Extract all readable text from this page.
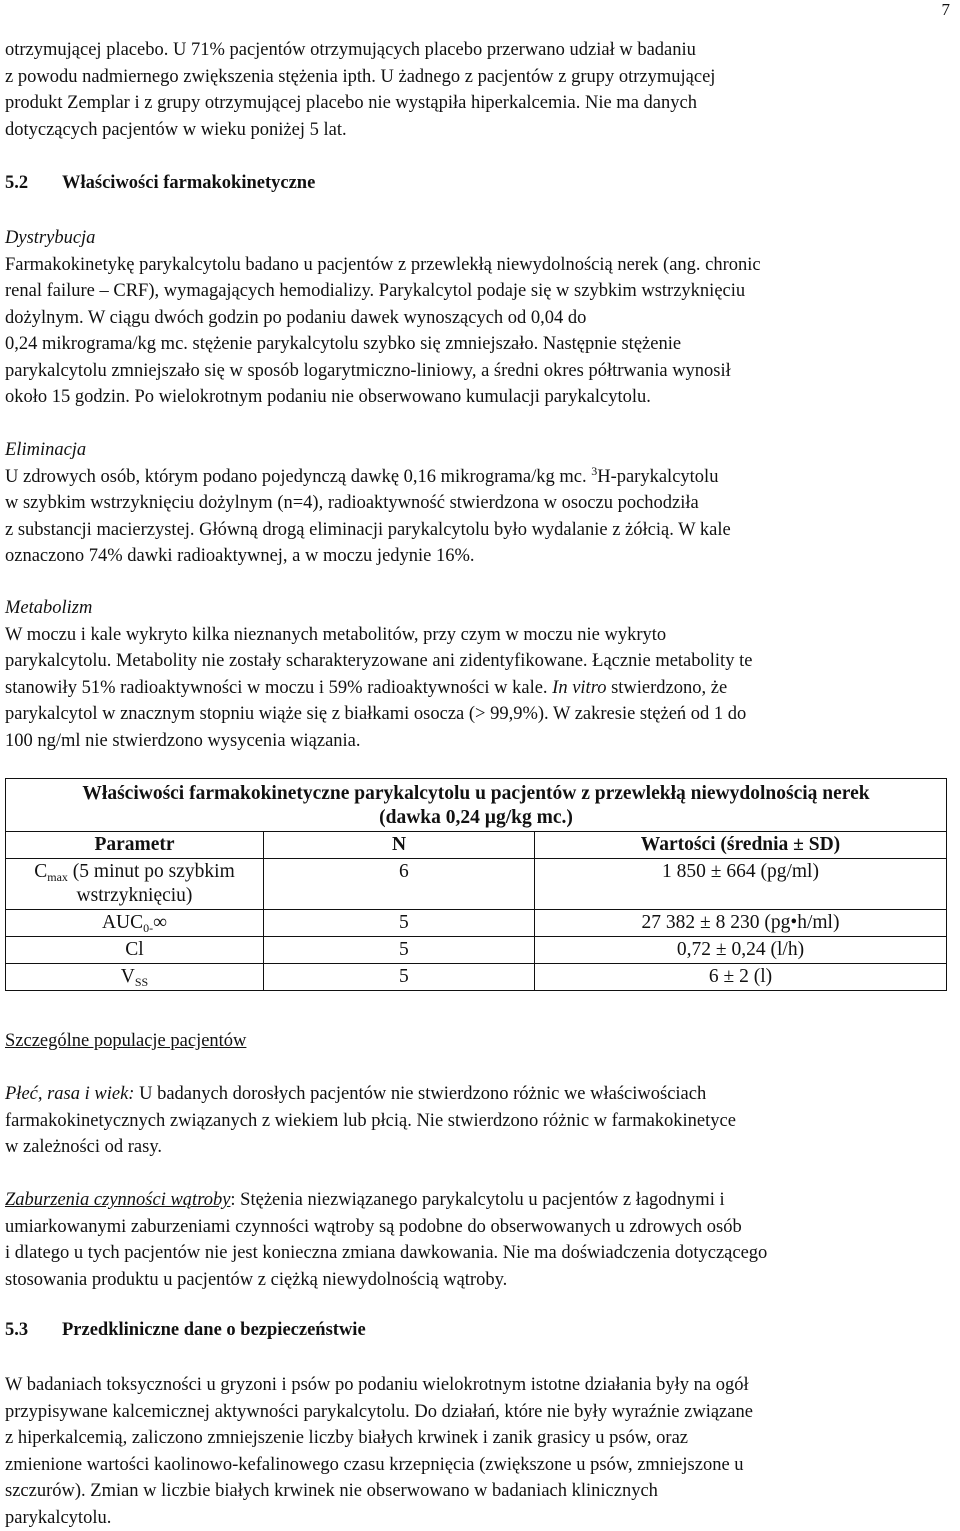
7

otrzymującej placebo. U 71% pacjentów otrzymujących placebo przerwano udział w badaniu

z powodu nadmiernego zwiększenia stężenia ipth. U żadnego z pacjentów z grupy otrzymującej

produkt Zemplar i z grupy otrzymującej placebo nie wystąpiła hiperkalcemia. Nie ma danych

dotyczących pacjentów w wieku poniżej 5 lat.

5.2 Właściwości farmakokinetyczne

Dystrybucja

Farmakokinetykę parykalcytolu badano u pacjentów z przewlekłą niewydolnością nerek (ang. chronic

renal failure – CRF), wymagających hemodializy. Parykalcytol podaje się w szybkim wstrzyknięciu

dożylnym. W ciągu dwóch godzin po podaniu dawek wynoszących od 0,04 do

0,24 mikrograma/kg mc. stężenie parykalcytolu szybko się zmniejszało. Następnie stężenie

parykalcytolu zmniejszało się w sposób logarytmiczno-liniowy, a średni okres półtrwania wynosił

około 15 godzin. Po wielokrotnym podaniu nie obserwowano kumulacji parykalcytolu.

Eliminacja

U zdrowych osób, którym podano pojedynczą dawkę 0,16 mikrograma/kg mc. $^3$H-parykalcytolu

w szybkim wstrzyknięciu dożylnym (n=4), radioaktywność stwierdzona w osoczu pochodziła

z substancji macierzystej. Główną drogą eliminacji parykalcytolu było wydalanie z żółcią. W kale

oznaczono 74% dawki radioaktywnej, a w moczu jedynie 16%.

Metabolizm

W moczu i kale wykryto kilka nieznanych metabolitów, przy czym w moczu nie wykryto

parykalcytolu. Metabolity nie zostały scharakteryzowane ani zidentyfikowane. Łącznie metabolity te

stanowiły 51% radioaktywności w moczu i 59% radioaktywności w kale. In vitro stwierdzono, że

parykalcytol w znacznym stopniu wiąże się z białkami osocza (> 99,9%). W zakresie stężeń od 1 do

100 ng/ml nie stwierdzono wysycenia wiązania.

Właściwości farmakokinetyczne parykalcytolu u pacjentów z przewlekłą niewydolnością nerek
(dawka 0,24 µg/kg mc.)		

Parametr	N	Wartości (średnia ± SD)
$C_{max}$ (5 minut po szybkim
wstrzyknięciu)	6	1 850 ± 664 (pg/ml)
$AUC_{0-}\infty$	5	27 382 ± 8 230 (pg•h/ml)
Cl	5	0,72 ± 0,24 (l/h)
$V_{SS}$	5	6 ± 2 (l)
Szczególne populacje pacjentów

Płeć, rasa i wiek: U badanych dorosłych pacjentów nie stwierdzono różnic we właściwościach

farmakokinetycznych związanych z wiekiem lub płcią. Nie stwierdzono różnic w farmakokinetyce

w zależności od rasy.

Zaburzenia czynności wątroby: Stężenia niezwiązanego parykalcytolu u pacjentów z łagodnymi i

umiarkowanymi zaburzeniami czynności wątroby są podobne do obserwowanych u zdrowych osób

i dlatego u tych pacjentów nie jest konieczna zmiana dawkowania. Nie ma doświadczenia dotyczącego

stosowania produktu u pacjentów z ciężką niewydolnością wątroby.

5.3 Przedkliniczne dane o bezpieczeństwie

W badaniach toksyczności u gryzoni i psów po podaniu wielokrotnym istotne działania były na ogół

przypisywane kalcemicznej aktywności parykalcytolu. Do działań, które nie były wyraźnie związane

z hiperkalcemią, zaliczono zmniejszenie liczby białych krwinek i zanik grasicy u psów, oraz

zmienione wartości kaolinowo-kefalinowego czasu krzepnięcia (zwiększone u psów, zmniejszone u

szczurów). Zmian w liczbie białych krwinek nie obserwowano w badaniach klinicznych

parykalcytolu.
